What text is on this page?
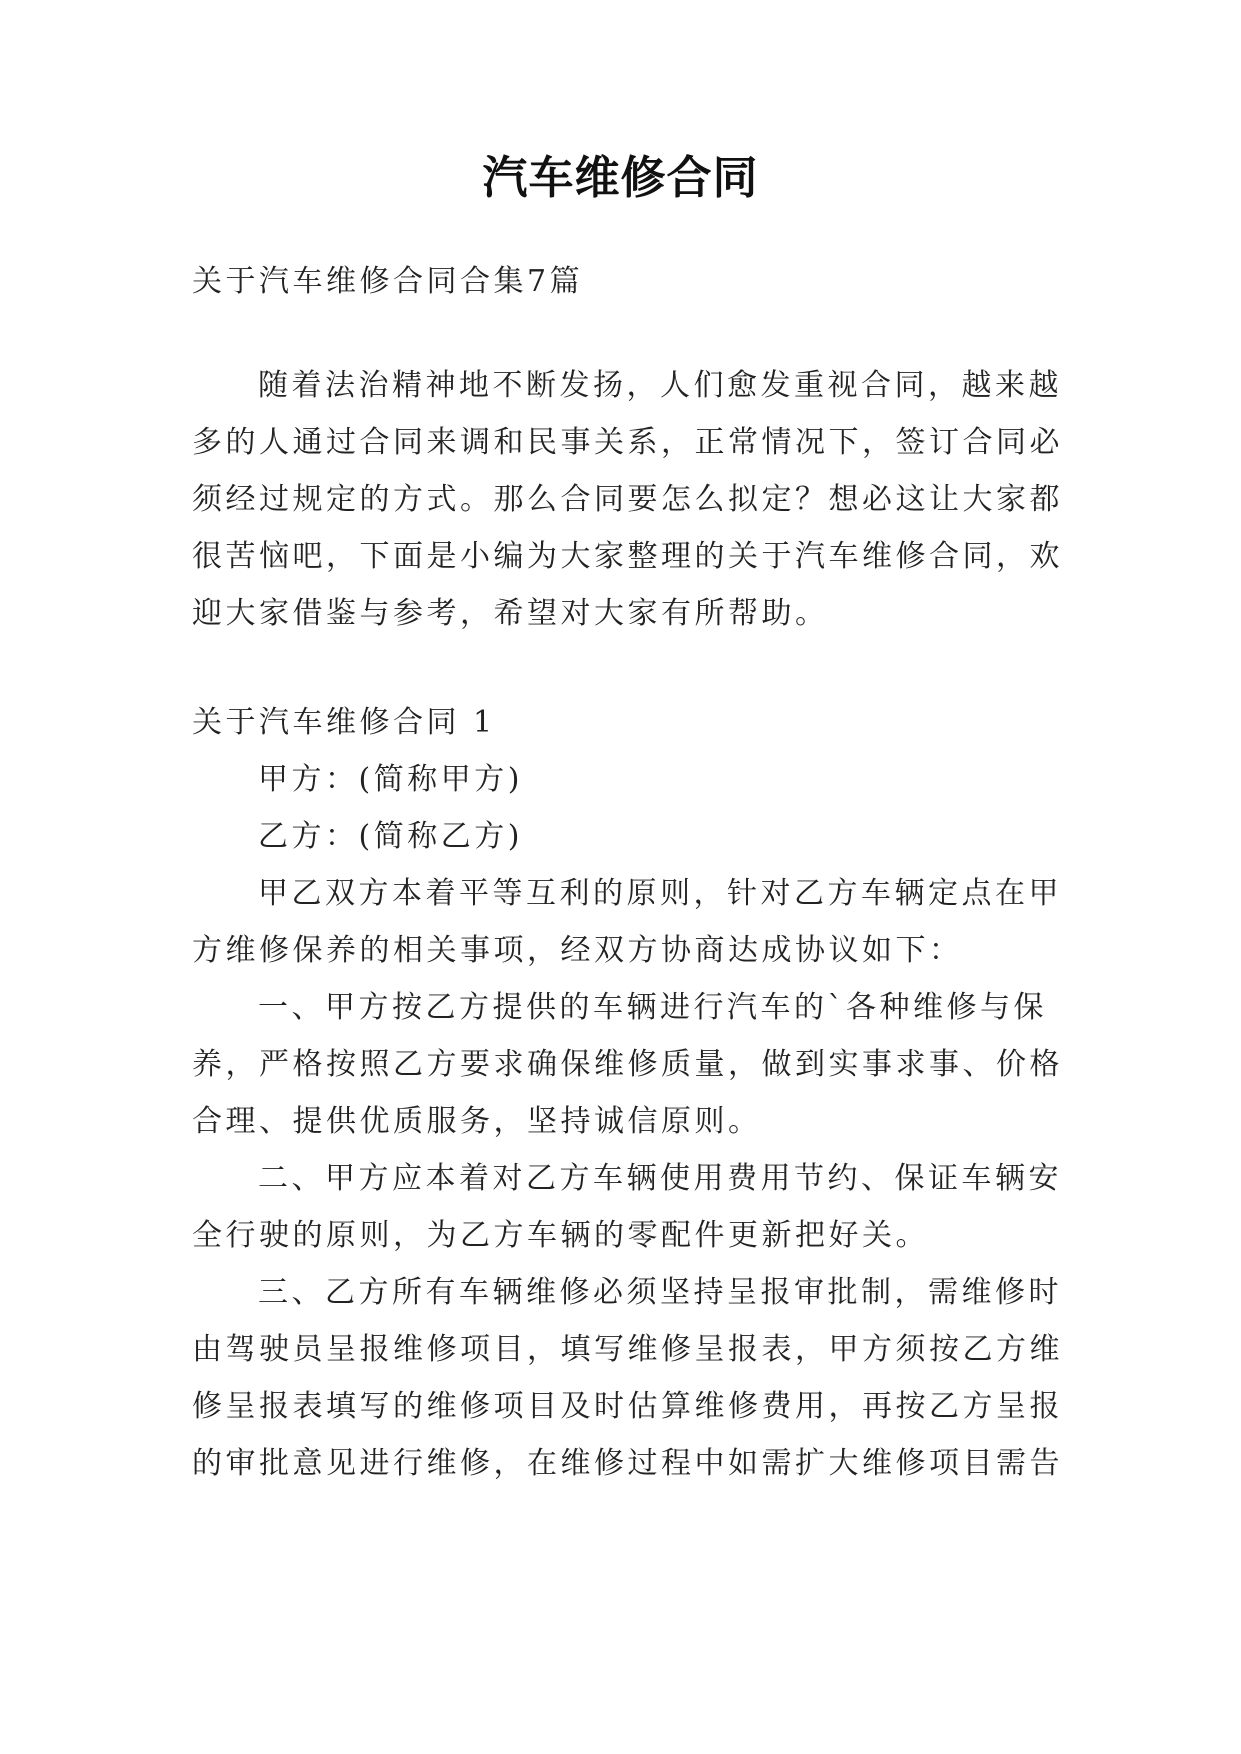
汽车维修合同
关于汽车维修合同合集7篇
随着法治精神地不断发扬，人们愈发重视合同，越来越
多的人通过合同来调和民事关系，正常情况下，签订合同必
须经过规定的方式。那么合同要怎么拟定？想必这让大家都
很苦恼吧，下面是小编为大家整理的关于汽车维修合同，欢
迎大家借鉴与参考，希望对大家有所帮助。
关于汽车维修合同 1
甲方：(简称甲方)
乙方：(简称乙方)
甲乙双方本着平等互利的原则，针对乙方车辆定点在甲
方维修保养的相关事项，经双方协商达成协议如下：
一、甲方按乙方提供的车辆进行汽车的`各种维修与保
养，严格按照乙方要求确保维修质量，做到实事求事、价格
合理、提供优质服务，坚持诚信原则。
二、甲方应本着对乙方车辆使用费用节约、保证车辆安
全行驶的原则，为乙方车辆的零配件更新把好关。
三、乙方所有车辆维修必须坚持呈报审批制，需维修时
由驾驶员呈报维修项目，填写维修呈报表，甲方须按乙方维
修呈报表填写的维修项目及时估算维修费用，再按乙方呈报
的审批意见进行维修，在维修过程中如需扩大维修项目需告
